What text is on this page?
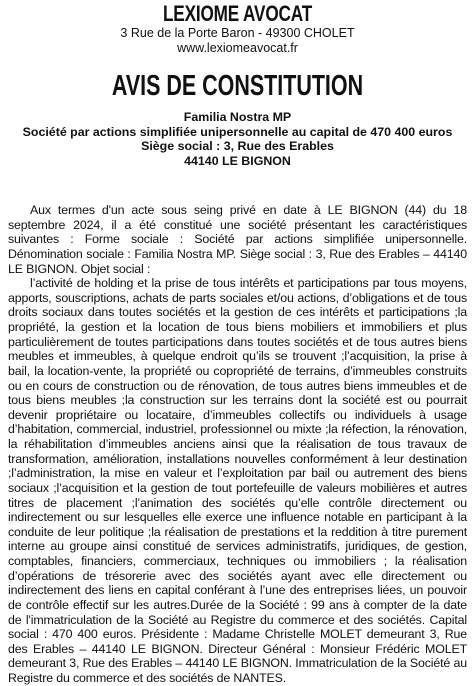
LEXIOME AVOCAT
3 Rue de la Porte Baron - 49300 CHOLET
www.lexiomeavocat.fr
AVIS DE CONSTITUTION
Familia Nostra MP
Société par actions simplifiée unipersonnelle au capital de 470 400 euros
Siège social : 3, Rue des Erables
44140 LE BIGNON

Aux termes d'un acte sous seing privé en date à LE BIGNON (44) du 18 septembre 2024, il a été constitué une société présentant les caractéristiques suivantes : Forme sociale : Société par actions simplifiée unipersonnelle. Dénomination sociale : Familia Nostra MP. Siège social : 3, Rue des Erables – 44140 LE BIGNON. Objet social :

l’activité de holding et la prise de tous intérêts et participations par tous moyens, apports, souscriptions, achats de parts sociales et/ou actions, d’obligations et de tous droits sociaux dans toutes sociétés et la gestion de ces intérêts et participations ;la propriété, la gestion et la location de tous biens mobiliers et immobiliers et plus particulièrement de toutes participations dans toutes sociétés et de tous autres biens meubles et immeubles, à quelque endroit qu’ils se trouvent ;l’acquisition, la prise à bail, la location-vente, la propriété ou copropriété de terrains, d’immeubles construits ou en cours de construction ou de rénovation, de tous autres biens immeubles et de tous biens meubles ;la construction sur les terrains dont la société est ou pourrait devenir propriétaire ou locataire, d’immeubles collectifs ou individuels à usage d’habitation, commercial, industriel, professionnel ou mixte ;la réfection, la rénovation, la réhabilitation d’immeubles anciens ainsi que la réalisation de tous travaux de transformation, amélioration, installations nouvelles conformément à leur destination ;l’administration, la mise en valeur et l’exploitation par bail ou autrement des biens sociaux ;l’acquisition et la gestion de tout portefeuille de valeurs mobilières et autres titres de placement ;l’animation des sociétés qu’elle contrôle directement ou indirectement ou sur lesquelles elle exerce une influence notable en participant à la conduite de leur politique ;la réalisation de prestations et la reddition à titre purement interne au groupe ainsi constitué de services administratifs, juridiques, de gestion, comptables, financiers, commerciaux, techniques ou immobiliers ; la réalisation d’opérations de trésorerie avec des sociétés ayant avec elle directement ou indirectement des liens en capital conférant à l’une des entreprises liées, un pouvoir de contrôle effectif sur les autres.Durée de la Société : 99 ans à compter de la date de l'immatriculation de la Société au Registre du commerce et des sociétés. Capital social : 470 400 euros. Présidente : Madame Christelle MOLET demeurant 3, Rue des Erables – 44140 LE BIGNON. Directeur Général : Monsieur Frédéric MOLET demeurant 3, Rue des Erables – 44140 LE BIGNON. Immatriculation de la Société au Registre du commerce et des sociétés de NANTES.
